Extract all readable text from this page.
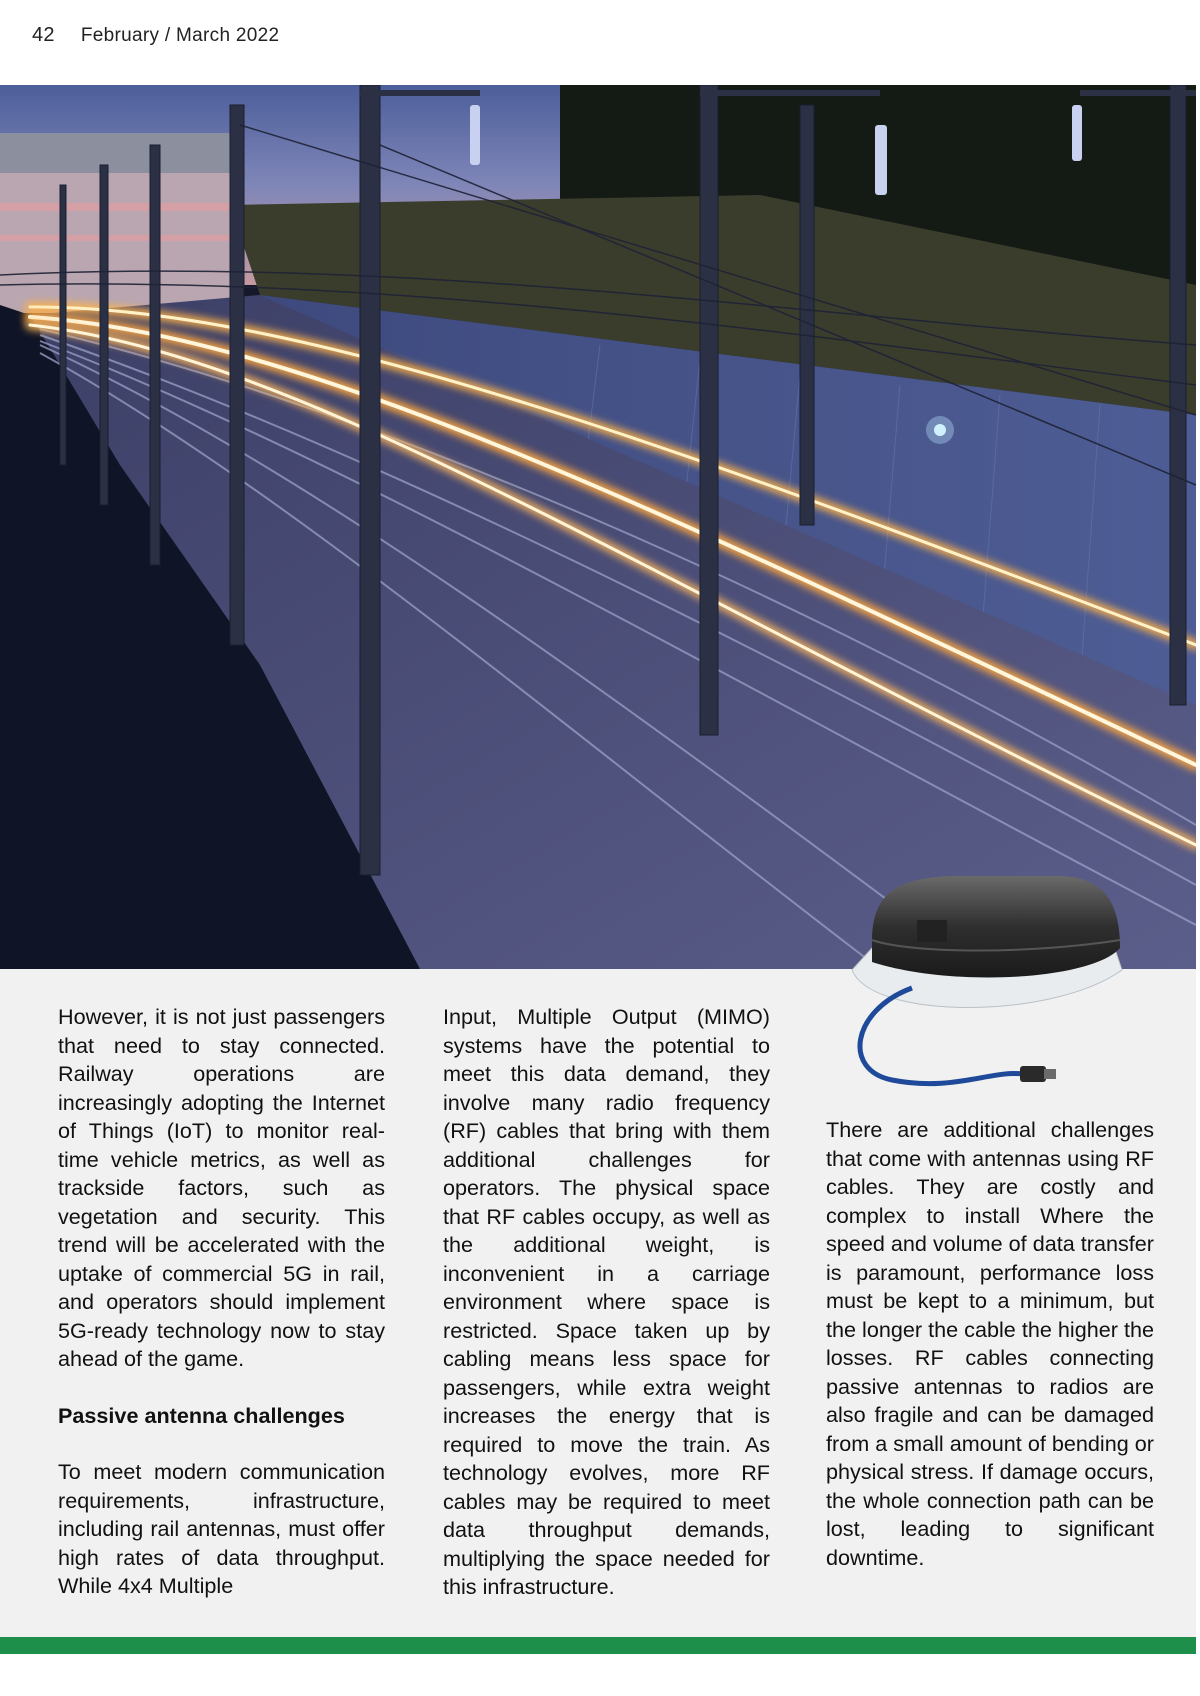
42 February / March 2022

However, it is not just passengers that need to stay connected. Railway operations are increasingly adopting the Internet of Things (IoT) to monitor real-time vehicle metrics, as well as trackside factors, such as vegetation and security. This trend will be accelerated with the uptake of commercial 5G in rail, and operators should implement 5G-ready technology now to stay ahead of the game.

Passive antenna challenges

To meet modern communication requirements, infrastructure, including rail antennas, must offer high rates of data throughput. While 4x4 Multiple

Input, Multiple Output (MIMO) systems have the potential to meet this data demand, they involve many radio frequency (RF) cables that bring with them additional challenges for operators. The physical space that RF cables occupy, as well as the additional weight, is inconvenient in a carriage environment where space is restricted. Space taken up by cabling means less space for passengers, while extra weight increases the energy that is required to move the train. As technology evolves, more RF cables may be required to meet data throughput demands, multiplying the space needed for this infrastructure.

There are additional challenges that come with antennas using RF cables. They are costly and complex to install Where the speed and volume of data transfer is paramount, performance loss must be kept to a minimum, but the longer the cable the higher the losses. RF cables connecting passive antennas to radios are also fragile and can be damaged from a small amount of bending or physical stress. If damage occurs, the whole connection path can be lost, leading to significant downtime.
